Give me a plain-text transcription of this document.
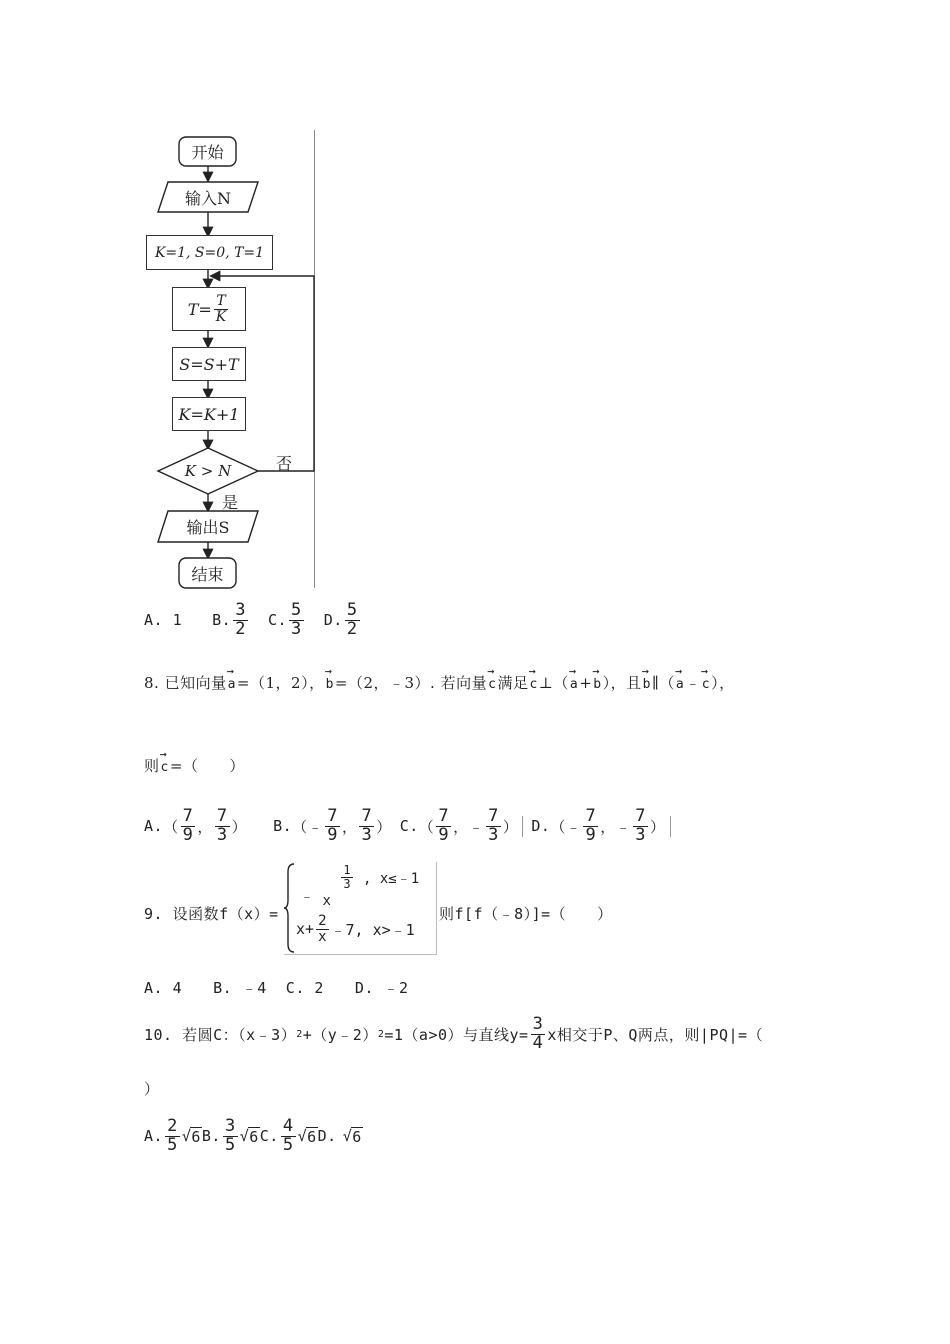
开始
输入N
K=1, S=0, T=1
$T= \frac{T}{K}$
S=S+T
K=K+1
K > N	否
是
输出S
结束
A. 1 B. $\frac{3}{2} C$. $\frac{5}{3} D$. $\frac{5}{2}$
8. 已知向量→ a=（1，2），→ b=（2，﹣3）. 若向量→ c满足→ c⊥（→ a+→ b），且→ b∥（→ a﹣→ c），
则→ c=（　　）
A. （ $\frac{7}{9}$ ， $\frac{7}{3}$ ） B. （ ﹣ $\frac{7}{9}$ ， $\frac{7}{3}$ ） C. （ $\frac{7}{9}$ ， ﹣ $\frac{7}{3}$ ） D. （ ﹣ $\frac{7}{9}$ ， ﹣ $\frac{7}{3}$ ）
9. 设函数f（x）=
﹣ x
$\frac{1}{3}$ , x≤﹣1
$x+ \frac{2}{x}$ ﹣7, x>﹣1
则f[f（﹣8）]=（　　）
A. 4　　B. ﹣4  C. 2　　D. ﹣2
10. 若圆C：（x﹣3） 2 +（y﹣2） 2 =1（a>0）与直线$y= \frac{3}{4}$ x相交于P、Q两点，则|PQ|=（
）
A. $\frac{2}{5}$ √ 6 B. $\frac{3}{5}$ √ 6 C. $\frac{4}{5}$ √ 6 D. √ 6
